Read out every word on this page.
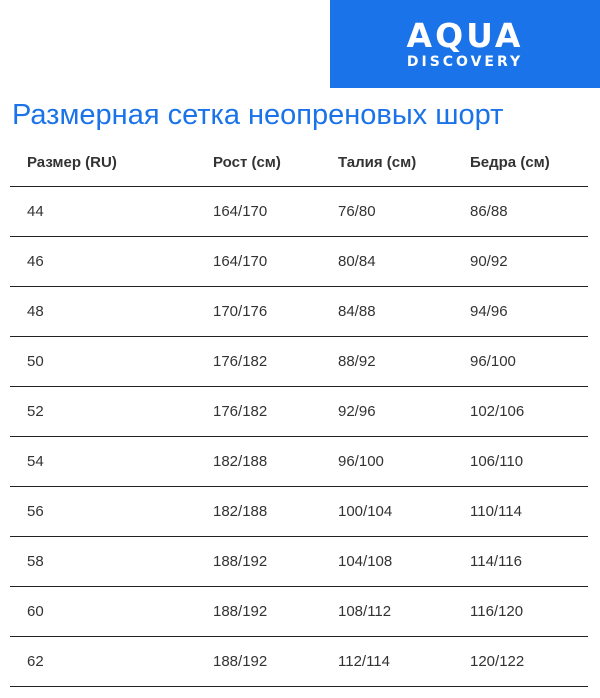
AQUA
DISCOVERY
Размерная сетка неопреновых шорт
Размер (RU)	Рост (см)	Талия (см)	Бедра (см)
44	164/170	76/80	86/88
46	164/170	80/84	90/92
48	170/176	84/88	94/96
50	176/182	88/92	96/100
52	176/182	92/96	102/106
54	182/188	96/100	106/110
56	182/188	100/104	110/114
58	188/192	104/108	114/116
60	188/192	108/112	116/120
62	188/192	112/114	120/122
